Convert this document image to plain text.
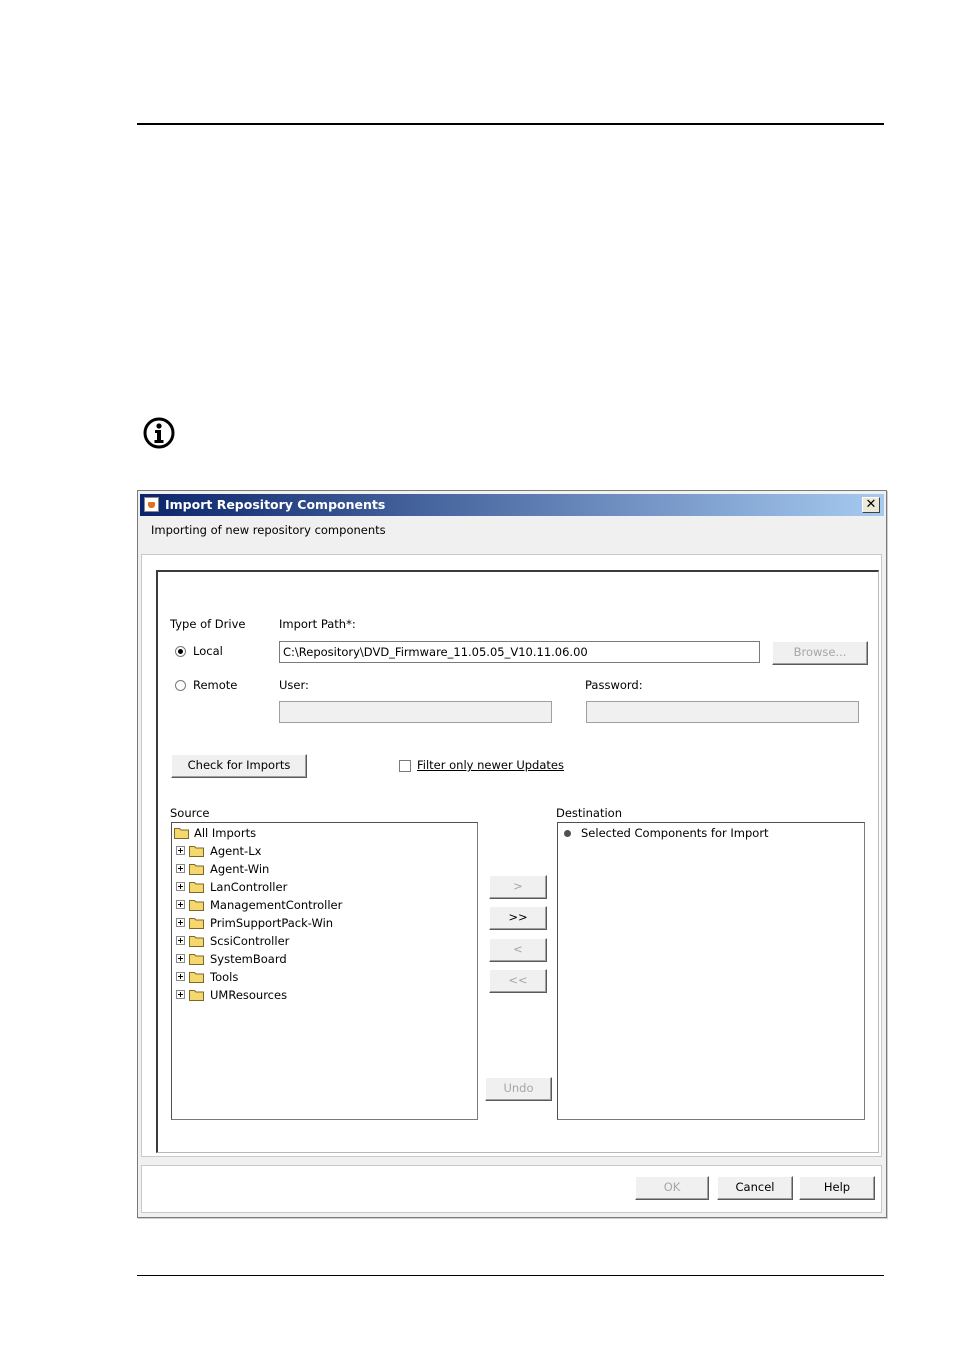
Import Repository Components	✕
Importing of new repository components
Type of Drive	Import Path*:
Local	C:\Repository\DVD_Firmware_11.05.05_V10.11.06.00	Browse...
Remote	User:	Password:
Check for Imports	Filter only newer Updates
Source	Destination
All Imports
Agent-Lx
Agent-Win
LanController
ManagementController
PrimSupportPack-Win
ScsiController
SystemBoard
Tools
UMResources
>
>>
<
<<
Undo
Selected Components for Import
OK	Cancel	Help
